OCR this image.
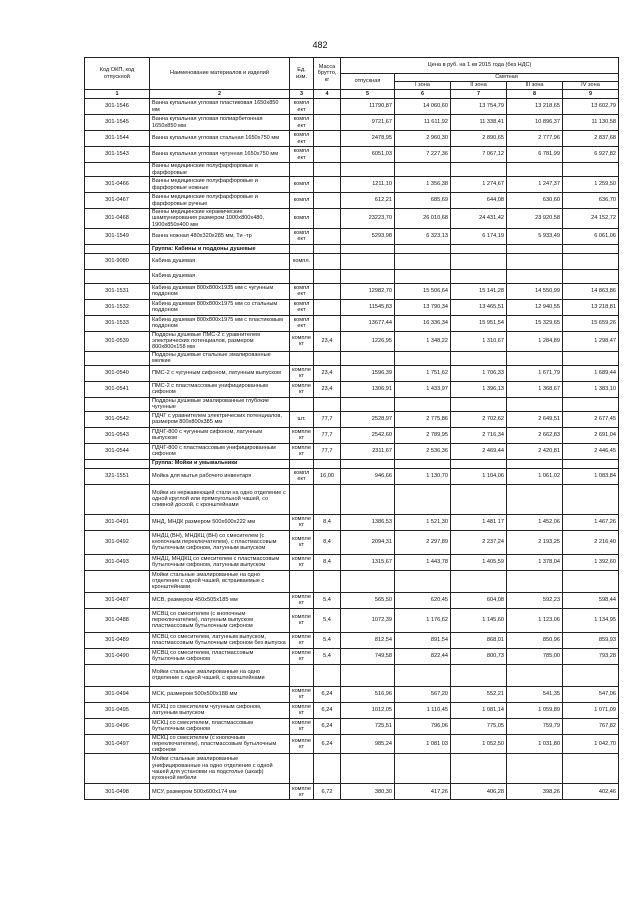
482
Код ОКП, код отпускной	Наименование материалов и изделий	Ед. изм.	Масса брутто, кг	Цена в руб. на 1 кв 2015 года (без НДС)				
				отпускная	Сметная			
					I зона	II зона	III зона	IV зона
1	2	3	4	5	6	7	8	9
301-1546	Ванна купальная угловая пластиковая 1650х850 мм	компл ект		11790,87	14 060,60	13 754,79	13 218,65	13 602,79
301-1545	Ванна купальная угловая полиарбетонная 1650х850 мм	компл ект		9721,67	11 611,92	11 338,41	10 896,37	11 130,58
301-1544	Ванна купальная угловая стальная 1650х750 мм	компл ект		2478,95	2 960,30	2 890,65	2 777,96	2 837,68
301-1543	Ванна купальная угловая чугунная 1650х750 мм	компл ект		6051,03	7 227,36	7 067,12	6 781,99	6 927,82
	Ванны медицинские полуфарфоровые и фарфоровые							
301-0466	Ванны медицинские полуфарфоровые и фарфоровые ножные	компл		1211,10	1 356,38	1 274,67	1 247,37	1 259,50
301-0467	Ванны медицинские полуфарфоровые и фарфоровые ручные	компл		612,21	685,69	644,08	630,60	636,70
301-0468	Ванны медицинские керамические шампунирования размером 1000х800х480, 1900х850х400 мм	компл		23223,70	26 010,68	24 431,42	23 920,58	24 152,72
301-1549	Ванна ножная 480х320х285 мм, Ти -тр	компл ект		5293,98	6 323,13	6 174,19	5 933,49	6 061,06
	Группа: Кабины и поддоны душевые							
301-9080	Кабина душевая	компл.						
	Кабина душевая							
301-1531	Кабина душевая 800х800х1935 мм с чугунным поддоном	компл ект		12982,70	15 506,64	15 141,28	14 550,99	14 863,86
301-1532	Кабина душевая 800х800х1975 мм со стальным поддоном	компл ект		11545,83	13 790,34	13 465,51	12 940,55	13 218,81
301-1533	Кабина душевая 800х800х1975 мм с пластиковым поддоном	компл ект		13677,44	16 336,34	15 951,54	15 329,65	15 659,26
301-0539	Поддоны душевые ПМС-2 с уравнителем электрических потенциалов, размером 800х800х158 мм	компле кт	23,4	1226,95	1 348,22	1 310,67	1 284,89	1 298,47
	Поддоны душевые стальные эмалированные мелкие							
301-0540	ПМС-2 с чугунным сифоном, латунным выпуском	компле кт	23,4	1596,39	1 751,62	1 706,33	1 671,79	1 689,44
301-0541	ПМС-2 с пластмассовым унифицированным сифоном	компле кт	23,4	1306,91	1 433,97	1 396,13	1 368,67	1 383,10
	Поддоны душевые эмалированные глубокие чугунные							
301-0542	ПДЧГ с уравнителем электрических потенциалов, размером 800х800х385 мм	шт.	77,7	2528,97	2 775,86	2 702,62	2 649,51	2 677,45
301-0543	ПДЧГ-800 с чугунным сифоном, латунным выпуском	компле кт	77,7	2542,60	2 789,95	2 716,34	2 662,83	2 691,04
301-0544	ПДЧГ-800 с пластмассовым унифицированным сифоном	компле кт	77,7	2311,67	2 536,36	2 469,44	2 420,81	2 446,45
	Группа: Мойки и умывальники							
321-1551	Мойка для мытья рабочего инвентаря	компл ект	16,00	946,66	1 130,70	1 104,06	1 061,02	1 083,84
	Мойки из нержавеющей стали на одно отделение с одной круглой или прямоугольной чашей, со сливной доской, с кронштейнами							
301-0491	МНД, МНДК размером 500х600х222 мм	компле кт	8,4	1386,53	1 521,30	1 481 17	1 452,06	1 467,26
301-0492	МНДЦ (ВН), МНДКЦ (ВН) со смесителем (с кнопочным переключателем), с пластмассовым бутылочным сифоном, латунным выпуском	компле кт	8,4	2094,31	2 297,89	2 237,24	2 193,25	2 216,40
301-0493	МНДЦ, МНДКЦ со смесителем с пластмассовым бутылочным сифоном, латунным выпуском	компле кт	8,4	1315,67	1 443,78	1 405,59	1 378,04	1 392,60
	Мойки стальные эмалированные на одно отделение с одной чашей, встраиваемые с кронштейнами							
301-0487	МСВ, размером 450х505х185 мм	компле кт	5,4	565,50	620,45	604,08	592,23	598,44
301-0488	МСВЦ со смесителем (с кнопочным переключателем), латунным выпуском пластмассовым бутылочным сифоном	компле кт	5,4	1072,39	1 176,62	1 145,60	1 123,06	1 134,95
301-0489	МСВЦ со смесителем, латунным выпуском, пластмассовым бутылочным сифоном без выпуска	компле кт	5,4	812,54	891,54	868,01	850,96	859,93
301-0490	МСВЦ со смесителем, пластмассовым бутылочным сифоном	компле кт	5,4	749,58	822,44	800,73	785,00	793,28
	Мойки стальные эмалированные на одно отделение с одной чашей, с кронштейнами							
301-0494	МСК, размером 500х500х188 мм	компле кт	6,24	516,96	567,20	552,21	541,35	547,06
301-0495	МСКЦ со смесителем чугунным сифоном, латунным выпуском	компле кт	6,24	1012,05	1 110,45	1 081,14	1 059,89	1 071,09
301-0496	МСКЦ со смесителем, пластмассовым бутылочным сифоном	компле кт	6,24	725,51	796,06	775,05	759,79	767,82
301-0497	МСКЦ со смесителем (с кнопочным переключателем), пластмассовым бутылочным сифоном	компле кт	6,24	985,24	1 081 03	1 052,50	1 031,80	1 042,70
	Мойки стальные эмалированные унифицированные на одно отделение с одной чашей для установки на подстолье (шкаф) кухонной мебели							
301-0498	МСУ, размером 500х600х174 мм	компле кт	6,72	380,30	417,26	406,28	398,26	402,46
